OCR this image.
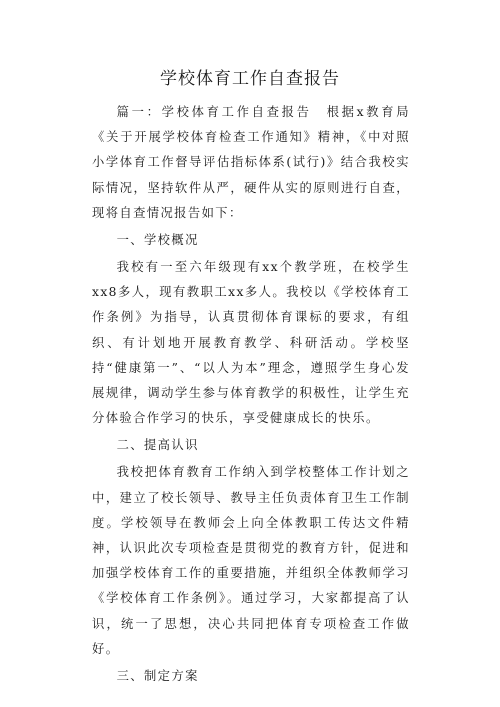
学校体育工作自查报告

篇一：学校体育工作自查报告　根据x教育局《关于开展学校体育检查工作通知》精神，《中对照小学体育工作督导评估指标体系(试行)》结合我校实际情况，坚持软件从严，硬件从实的原则进行自查，现将自查情况报告如下：

一、学校概况

我校有一至六年级现有xx个教学班，在校学生xx8多人，现有教职工xx多人。我校以《学校体育工作条例》为指导，认真贯彻体育课标的要求，有组织、有计划地开展教育教学、科研活动。学校坚持“健康第一”、“以人为本”理念，遵照学生身心发展规律，调动学生参与体育教学的积极性，让学生充分体验合作学习的快乐，享受健康成长的快乐。

二、提高认识

我校把体育教育工作纳入到学校整体工作计划之中，建立了校长领导、教导主任负责体育卫生工作制度。学校领导在教师会上向全体教职工传达文件精神，认识此次专项检查是贯彻党的教育方针，促进和加强学校体育工作的重要措施，并组织全体教师学习《学校体育工作条例》。通过学习，大家都提高了认识，统一了思想，决心共同把体育专项检查工作做好。

三、制定方案
